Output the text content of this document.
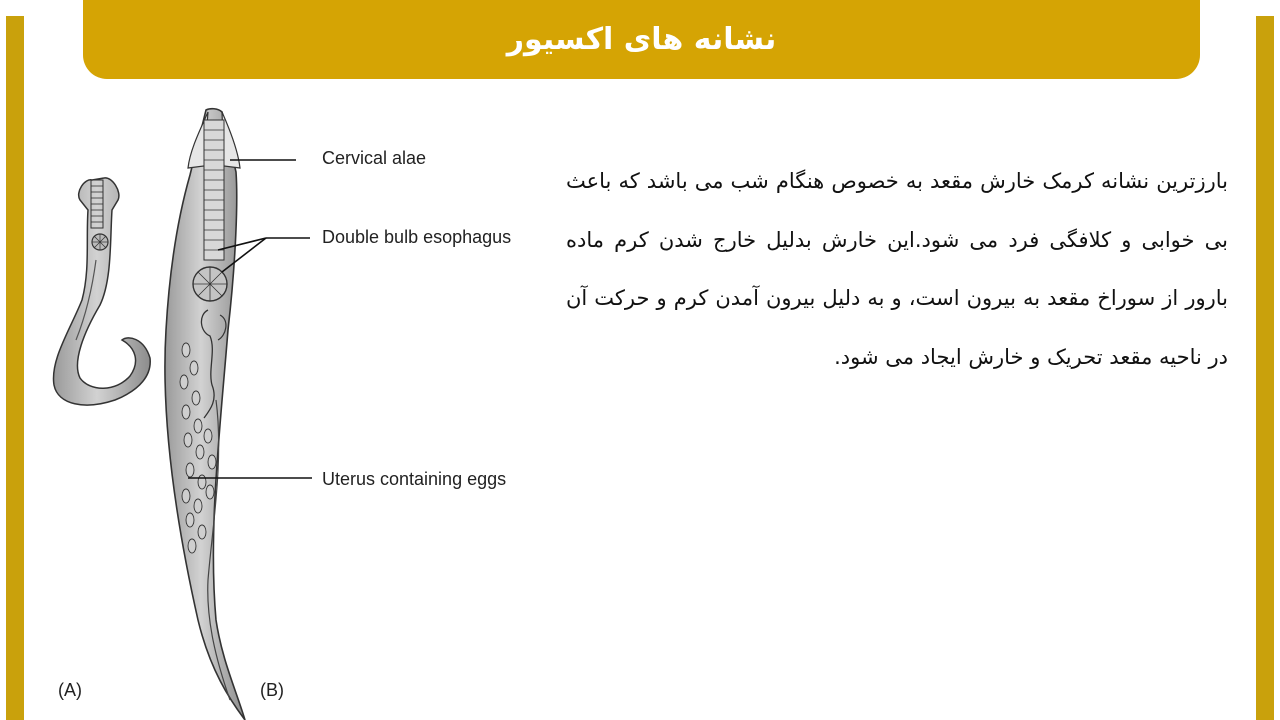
نشانه های اکسیور
بارزترین نشانه کرمک خارش مقعد به خصوص هنگام شب می باشد که باعث بی خوابی و کلافگی فرد می شود.این خارش بدلیل خارج شدن کرم ماده بارور از سوراخ مقعد به بیرون است، و به دلیل بیرون آمدن کرم و حرکت آن در ناحیه مقعد تحریک و خارش ایجاد می شود.
Cervical alae
Double bulb esophagus
Uterus containing eggs
(A)	(B)
